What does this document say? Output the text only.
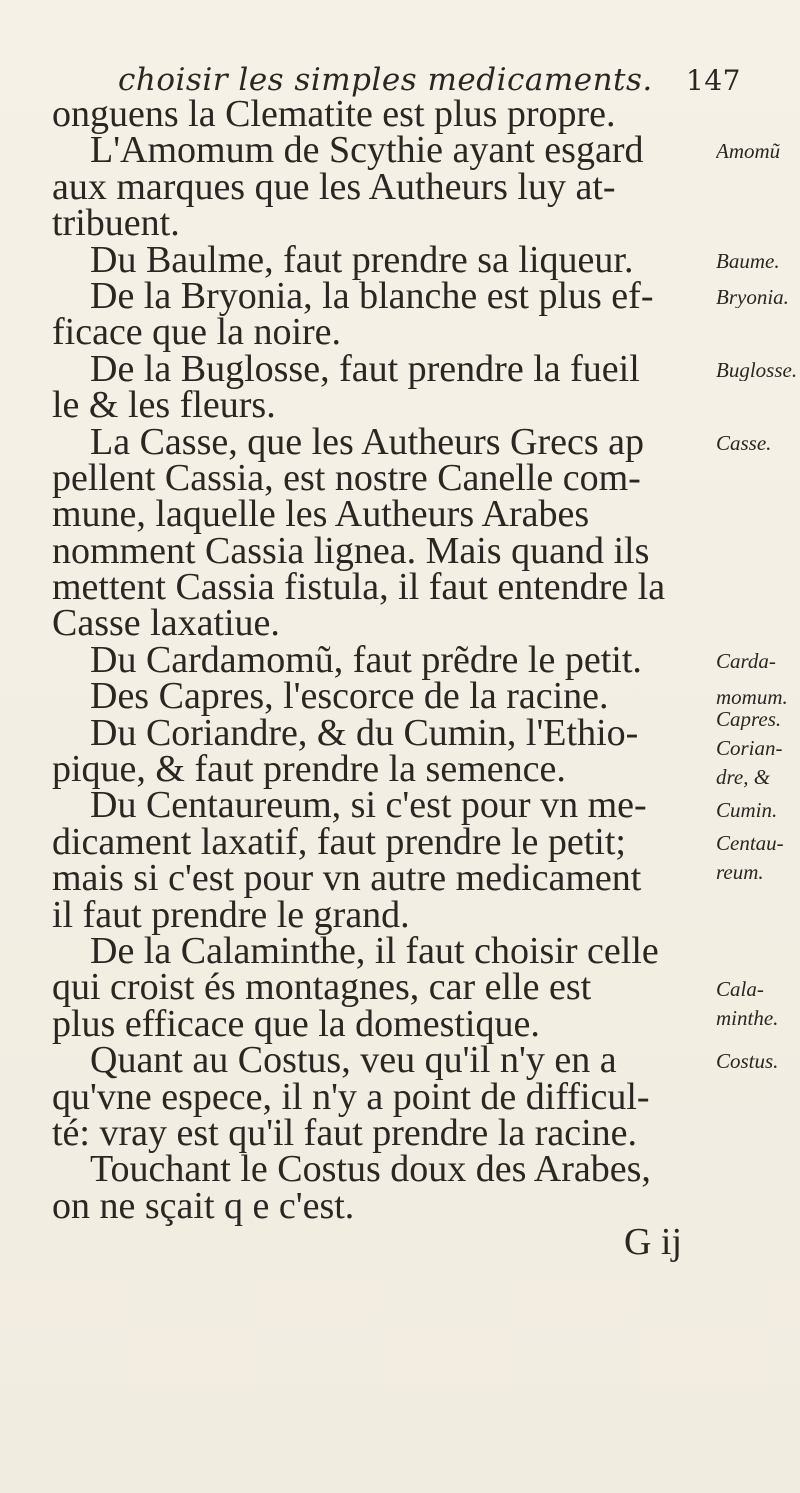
choisir les simples medicaments. 147
onguens la Clematite est plus propre.
L'Amomum de Scythie ayant esgard
aux marques que les Autheurs luy at-
tribuent.
Du Baulme, faut prendre sa liqueur.
De la Bryonia, la blanche est plus ef-
ficace que la noire.
De la Buglosse, faut prendre la fueil
le & les fleurs.
La Casse, que les Autheurs Grecs ap
pellent Cassia, est nostre Canelle com-
mune, laquelle les Autheurs Arabes
nomment Cassia lignea. Mais quand ils
mettent Cassia fistula, il faut entendre la
Casse laxatiue.
Du Cardamomũ, faut prẽdre le petit.
Des Capres, l'escorce de la racine.
Du Coriandre, & du Cumin, l'Ethio-
pique, & faut prendre la semence.
Du Centaureum, si c'est pour vn me-
dicament laxatif, faut prendre le petit;
mais si c'est pour vn autre medicament
il faut prendre le grand.
De la Calaminthe, il faut choisir celle
qui croist és montagnes, car elle est
plus efficace que la domestique.
Quant au Costus, veu qu'il n'y en a
qu'vne espece, il n'y a point de difficul-
té: vray est qu'il faut prendre la racine.
Touchant le Costus doux des Arabes,
on ne sçait q e c'est.
G ij
Amomũ
Baume.
Bryonia.
Buglosse.
Casse.
Carda-
momum.
Capres.
Corian-
dre, &
Cumin.
Centau-
reum.
Cala-
minthe.
Costus.
